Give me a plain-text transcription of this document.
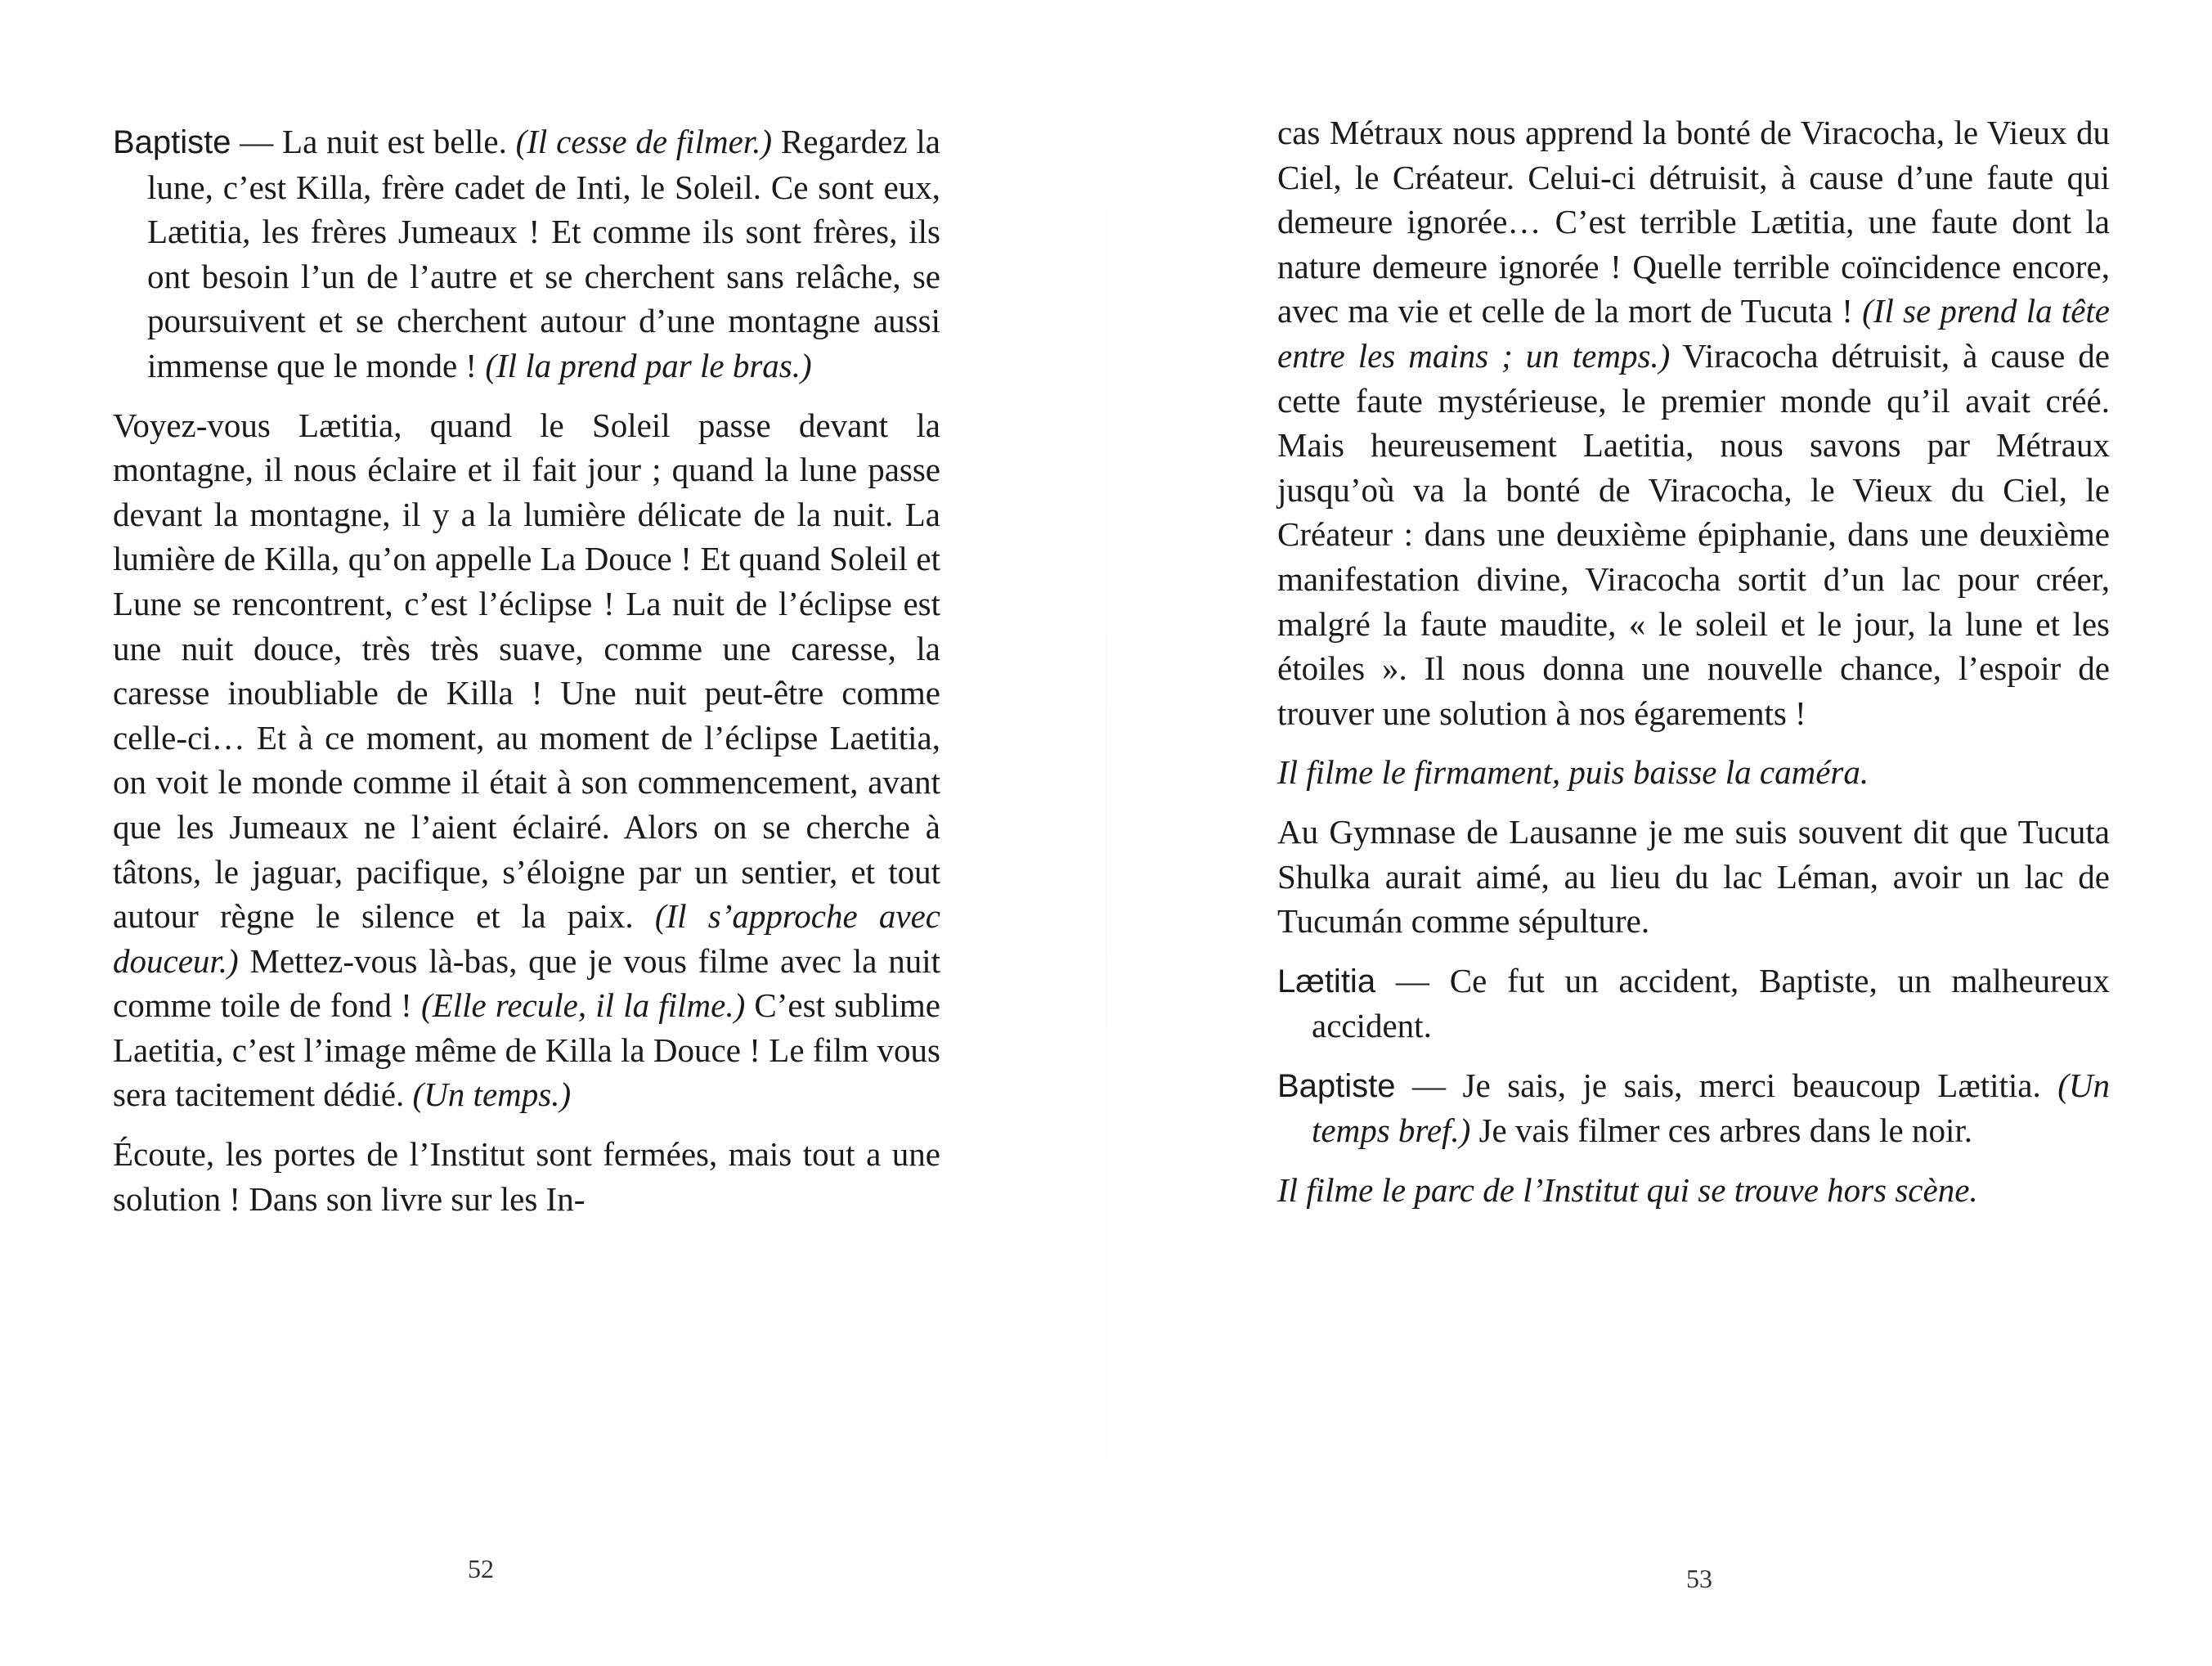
Baptiste — La nuit est belle. (Il cesse de filmer.) Regardez la lune, c’est Killa, frère cadet de Inti, le Soleil. Ce sont eux, Lætitia, les frères Jumeaux ! Et comme ils sont frères, ils ont besoin l’un de l’autre et se cherchent sans relâche, se poursuivent et se cherchent autour d’une montagne aussi immense que le monde ! (Il la prend par le bras.)

Voyez-vous Lætitia, quand le Soleil passe devant la montagne, il nous éclaire et il fait jour ; quand la lune passe devant la montagne, il y a la lumière délicate de la nuit. La lumière de Killa, qu’on appelle La Douce ! Et quand Soleil et Lune se rencontrent, c’est l’éclipse ! La nuit de l’éclipse est une nuit douce, très très suave, comme une caresse, la caresse inoubliable de Killa ! Une nuit peut-être comme celle-ci… Et à ce moment, au moment de l’éclipse Laetitia, on voit le monde comme il était à son commencement, avant que les Jumeaux ne l’aient éclairé. Alors on se cherche à tâtons, le jaguar, pacifique, s’éloigne par un sentier, et tout autour règne le silence et la paix. (Il s’approche avec douceur.) Mettez-vous là-bas, que je vous filme avec la nuit comme toile de fond ! (Elle recule, il la filme.) C’est sublime Laetitia, c’est l’image même de Killa la Douce ! Le film vous sera tacitement dédié. (Un temps.)

Écoute, les portes de l’Institut sont fermées, mais tout a une solution ! Dans son livre sur les In-

52

cas Métraux nous apprend la bonté de Viracocha, le Vieux du Ciel, le Créateur. Celui-ci détruisit, à cause d’une faute qui demeure ignorée… C’est terrible Lætitia, une faute dont la nature demeure ignorée ! Quelle terrible coïncidence encore, avec ma vie et celle de la mort de Tucuta ! (Il se prend la tête entre les mains ; un temps.) Viracocha détruisit, à cause de cette faute mystérieuse, le premier monde qu’il avait créé. Mais heureusement Laetitia, nous savons par Métraux jusqu’où va la bonté de Viracocha, le Vieux du Ciel, le Créateur : dans une deuxième épiphanie, dans une deuxième manifestation divine, Viracocha sortit d’un lac pour créer, malgré la faute maudite, « le soleil et le jour, la lune et les étoiles ». Il nous donna une nouvelle chance, l’espoir de trouver une solution à nos égarements !

Il filme le firmament, puis baisse la caméra.

Au Gymnase de Lausanne je me suis souvent dit que Tucuta Shulka aurait aimé, au lieu du lac Léman, avoir un lac de Tucumán comme sépulture.

Lætitia — Ce fut un accident, Baptiste, un malheureux accident.

Baptiste — Je sais, je sais, merci beaucoup Lætitia. (Un temps bref.) Je vais filmer ces arbres dans le noir.

Il filme le parc de l’Institut qui se trouve hors scène.

53
